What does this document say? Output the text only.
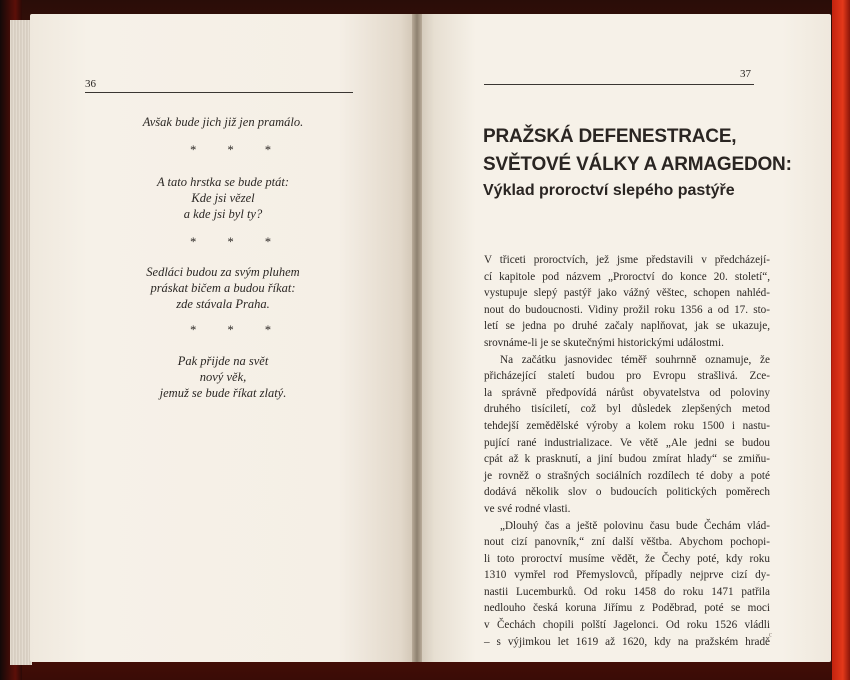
36

Avšak bude jich již jen pramálo.

* * *

A tato hrstka se bude ptát:

Kde jsi vězel

a kde jsi byl ty?

* * *

Sedláci budou za svým pluhem

práskat bičem a budou říkat:

zde stávala Praha.

* * *

Pak přijde na svět

nový věk,

jemuž se bude říkat zlatý.

37
PRAŽSKÁ DEFENESTRACE,
SVĚTOVÉ VÁLKY A ARMAGEDON:
Výklad proroctví slepého pastýře
V třiceti proroctvích, jež jsme představili v předcházejí-
cí kapitole pod názvem „Proroctví do konce 20. století“,
vystupuje slepý pastýř jako vážný věštec, schopen nahléd-
nout do budoucnosti. Vidiny prožil roku 1356 a od 17. sto-
letí se jedna po druhé začaly naplňovat, jak se ukazuje,
srovnáme-li je se skutečnými historickými událostmi.
Na začátku jasnovidec téměř souhrnně oznamuje, že
přicházející staletí budou pro Evropu strašlivá. Zce-
la správně předpovídá nárůst obyvatelstva od poloviny
druhého tisíciletí, což byl důsledek zlepšených metod
tehdejší zemědělské výroby a kolem roku 1500 i nastu-
pující rané industrializace. Ve větě „Ale jedni se budou
cpát až k prasknutí, a jiní budou zmírat hlady“ se zmiňu-
je rovněž o strašných sociálních rozdílech té doby a poté
dodává několik slov o budoucích politických poměrech
ve své rodné vlasti.
„Dlouhý čas a ještě polovinu času bude Čechám vlád-
nout cizí panovník,“ zní další věštba. Abychom pochopi-
li toto proroctví musíme vědět, že Čechy poté, kdy roku
1310 vymřel rod Přemyslovců, případly nejprve cizí dy-
nastii Lucemburků. Od roku 1458 do roku 1471 patřila
nedlouho česká koruna Jiřímu z Poděbrad, poté se moci
v Čechách chopili polští Jagelonci. Od roku 1526 vládli
– s výjimkou let 1619 až 1620, kdy na pražském hradě
ᶜ
